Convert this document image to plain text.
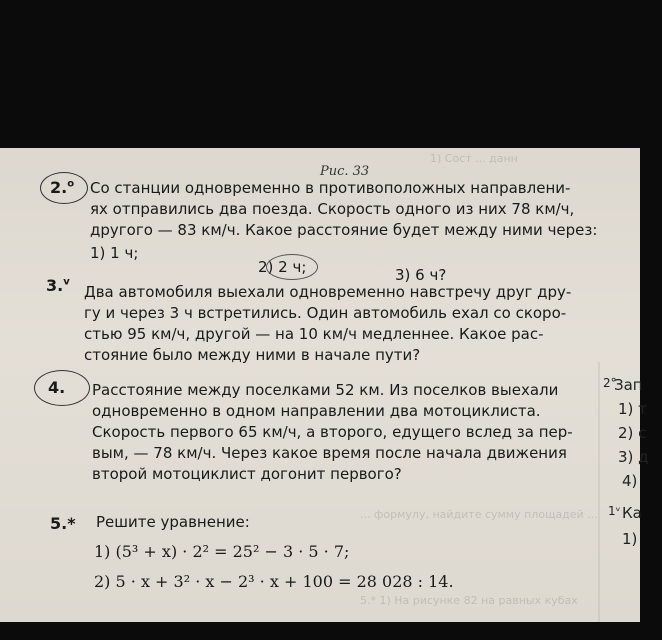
1) Сост ... данн
Рис. 33
2.$^o$ Со станции одновременно в противоположных направлени-
ях отправились два поезда. Скорость одного из них 78 км/ч,
другого — 83 км/ч. Какое расстояние будет между ними через:
1) 1 ч;
2) 2 ч;	3) 6 ч?
3.$^v$
Два автомобиля выехали одновременно навстречу друг дру-
гу и через 3 ч встретились. Один автомобиль ехал со скоро-
стью 95 км/ч, другой — на 10 км/ч медленнее. Какое рас-
стояние было между ними в начале пути?
4. Расстояние между поселками 52 км. Из поселков выехали
одновременно в одном направлении два мотоциклиста.
Скорость первого 65 км/ч, а второго, едущего вслед за пер-
вым, — 78 км/ч. Через какое время после начала движения
второй мотоциклист догонит первого?
5.* Решите уравнение:
1) (5³ + x) · 2² = 25² − 3 · 5 · 7;
2) 5 · x + 3² · x − 2³ · x + 100 = 28 028 : 14.
... формулу, найдите сумму площадей ...
5.* 1) На рисунке 82 на равных кубах
2°
Зап
1) т
2) с
3) д
4)
1ᵛ Ка
1)
